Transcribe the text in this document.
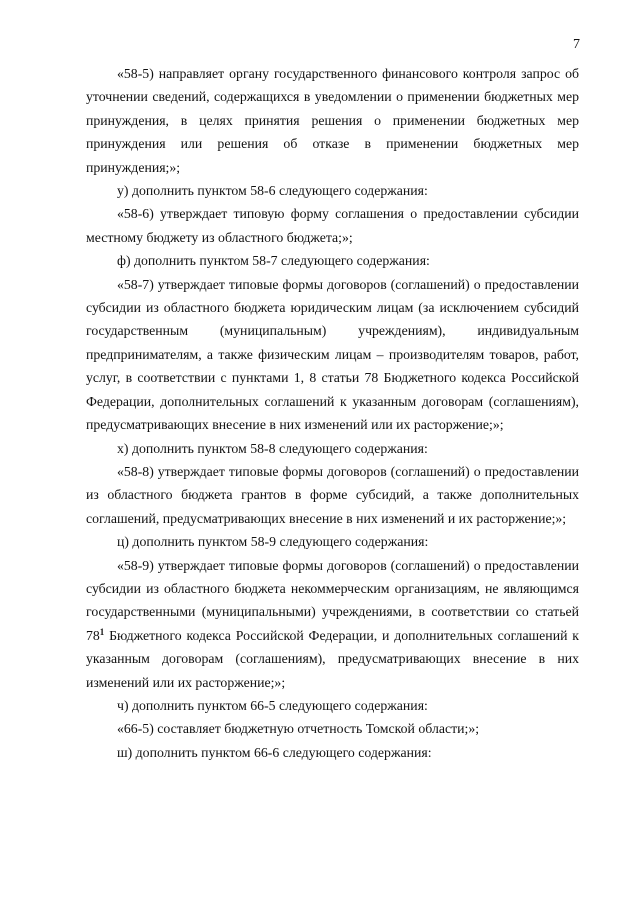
7

«58-5) направляет органу государственного финансового контроля запрос об уточнении сведений, содержащихся в уведомлении о применении бюджетных мер принуждения, в целях принятия решения о применении бюджетных мер принуждения или решения об отказе в применении бюджетных мер принуждения;»;

у) дополнить пунктом 58-6 следующего содержания:

«58-6) утверждает типовую форму соглашения о предоставлении субсидии местному бюджету из областного бюджета;»;

ф) дополнить пунктом 58-7 следующего содержания:

«58-7) утверждает типовые формы договоров (соглашений) о предоставлении субсидии из областного бюджета юридическим лицам (за исключением субсидий государственным (муниципальным) учреждениям), индивидуальным предпринимателям, а также физическим лицам – производителям товаров, работ, услуг, в соответствии с пунктами 1, 8 статьи 78 Бюджетного кодекса Российской Федерации, дополнительных соглашений к указанным договорам (соглашениям), предусматривающих внесение в них изменений или их расторжение;»;

х) дополнить пунктом 58-8 следующего содержания:

«58-8) утверждает типовые формы договоров (соглашений) о предоставлении из областного бюджета грантов в форме субсидий, а также дополнительных соглашений, предусматривающих внесение в них изменений и их расторжение;»;

ц) дополнить пунктом 58-9 следующего содержания:

«58-9) утверждает типовые формы договоров (соглашений) о предоставлении субсидии из областного бюджета некоммерческим организациям, не являющимся государственными (муниципальными) учреждениями, в соответствии со статьей $78^1$ Бюджетного кодекса Российской Федерации, и дополнительных соглашений к указанным договорам (соглашениям), предусматривающих внесение в них изменений или их расторжение;»;

ч) дополнить пунктом 66-5 следующего содержания:

«66-5) составляет бюджетную отчетность Томской области;»;

ш) дополнить пунктом 66-6 следующего содержания:
